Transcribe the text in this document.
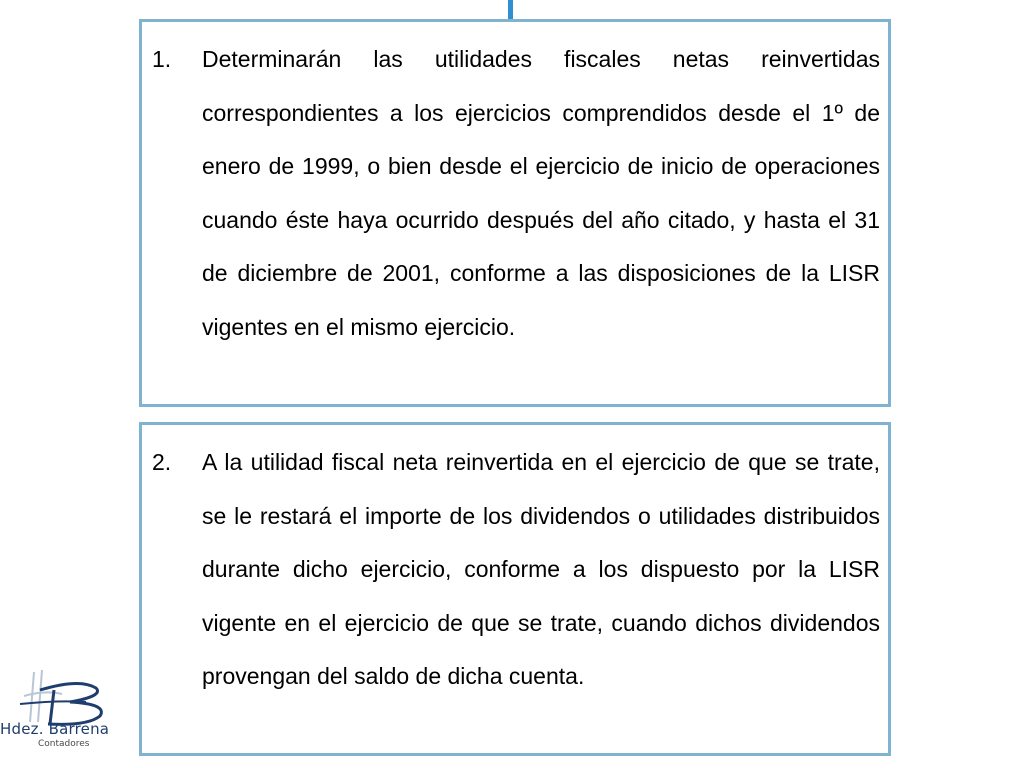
1.	Determinarán las utilidades fiscales netas reinvertidas correspondientes a los ejercicios comprendidos desde el 1º de enero de 1999, o bien desde el ejercicio de inicio de operaciones cuando éste haya ocurrido después del año citado, y hasta el 31 de diciembre de 2001, conforme a las disposiciones de la LISR vigentes en el mismo ejercicio.
2.	A la utilidad fiscal neta reinvertida en el ejercicio de que se trate, se le restará el importe de los dividendos o utilidades distribuidos durante dicho ejercicio, conforme a los dispuesto por la LISR vigente en el ejercicio de que se trate, cuando dichos dividendos provengan del saldo de dicha cuenta.
Hdez. Barrena
Contadores
